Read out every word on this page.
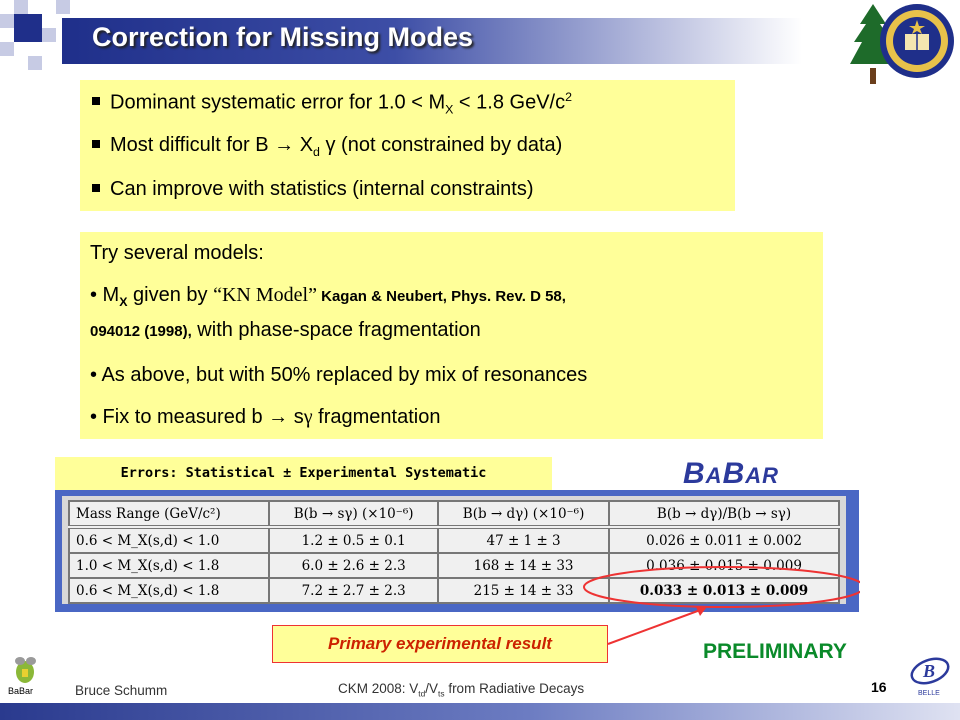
Correction for Missing Modes
Dominant systematic error for $1.0 < M_X < 1.8$ GeV/$c^2$
Most difficult for $B \to X_d$ γ (not constrained by data)
Can improve with statistics (internal constraints)
Try several models:
• $M_X$ given by “KN Model” Kagan & Neubert, Phys. Rev. D 58,
094012 (1998), with phase-space fragmentation
• As above, but with 50% replaced by mix of resonances
• Fix to measured b → sγ fragmentation
Errors: Statistical ± Experimental Systematic	BABAR
Mass Range (GeV/c²)	B(b → sγ) (×10⁻⁶)	B(b → dγ) (×10⁻⁶)	B(b → dγ)/B(b → sγ)
0.6 < M_X(s,d) < 1.0	1.2 ± 0.5 ± 0.1	47 ± 1 ± 3	0.026 ± 0.011 ± 0.002
1.0 < M_X(s,d) < 1.8	6.0 ± 2.6 ± 2.3	168 ± 14 ± 33	0.036 ± 0.015 ± 0.009
0.6 < M_X(s,d) < 1.8	7.2 ± 2.7 ± 2.3	215 ± 14 ± 33	0.033 ± 0.013 ± 0.009
Primary experimental result	PRELIMINARY
BaBar	Bruce Schumm	CKM 2008: $V_{td}/V_{ts}$ from Radiative Decays	16
B
BELLE
